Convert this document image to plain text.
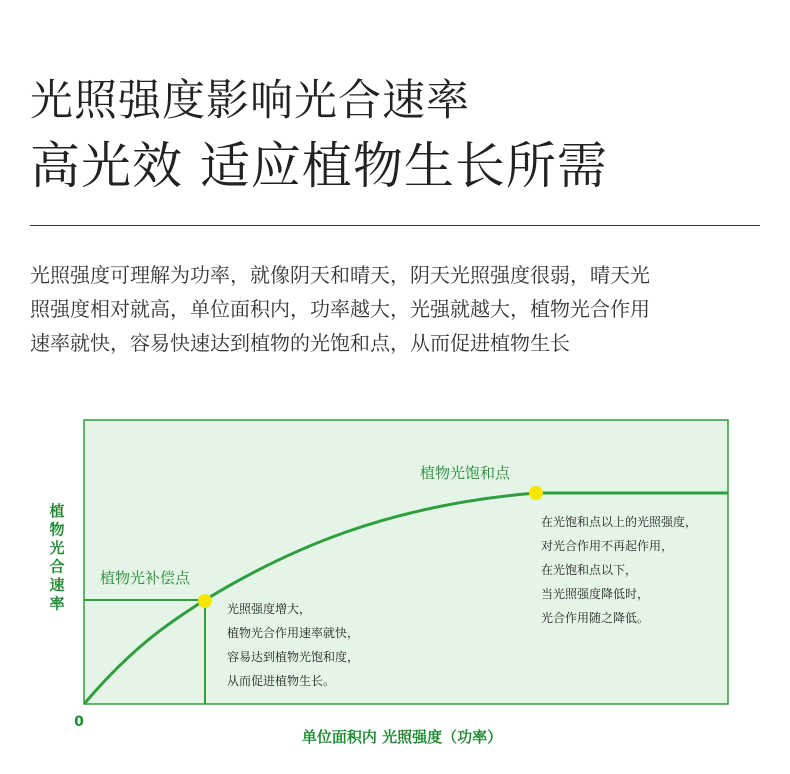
光照强度影响光合速率
高光效 适应植物生长所需
光照强度可理解为功率，就像阴天和晴天，阴天光照强度很弱，晴天光
照强度相对就高，单位面积内，功率越大，光强就越大，植物光合作用
速率就快，容易快速达到植物的光饱和点，从而促进植物生长
植物光补偿点
植物光饱和点
光照强度增大，
植物光合作用速率就快，
容易达到植物光饱和度，
从而促进植物生长。
在光饱和点以上的光照强度，
对光合作用不再起作用，
在光饱和点以下，
当光照强度降低时，
光合作用随之降低。
植
物
光
合
速
率
0
单位面积内 光照强度（功率）
